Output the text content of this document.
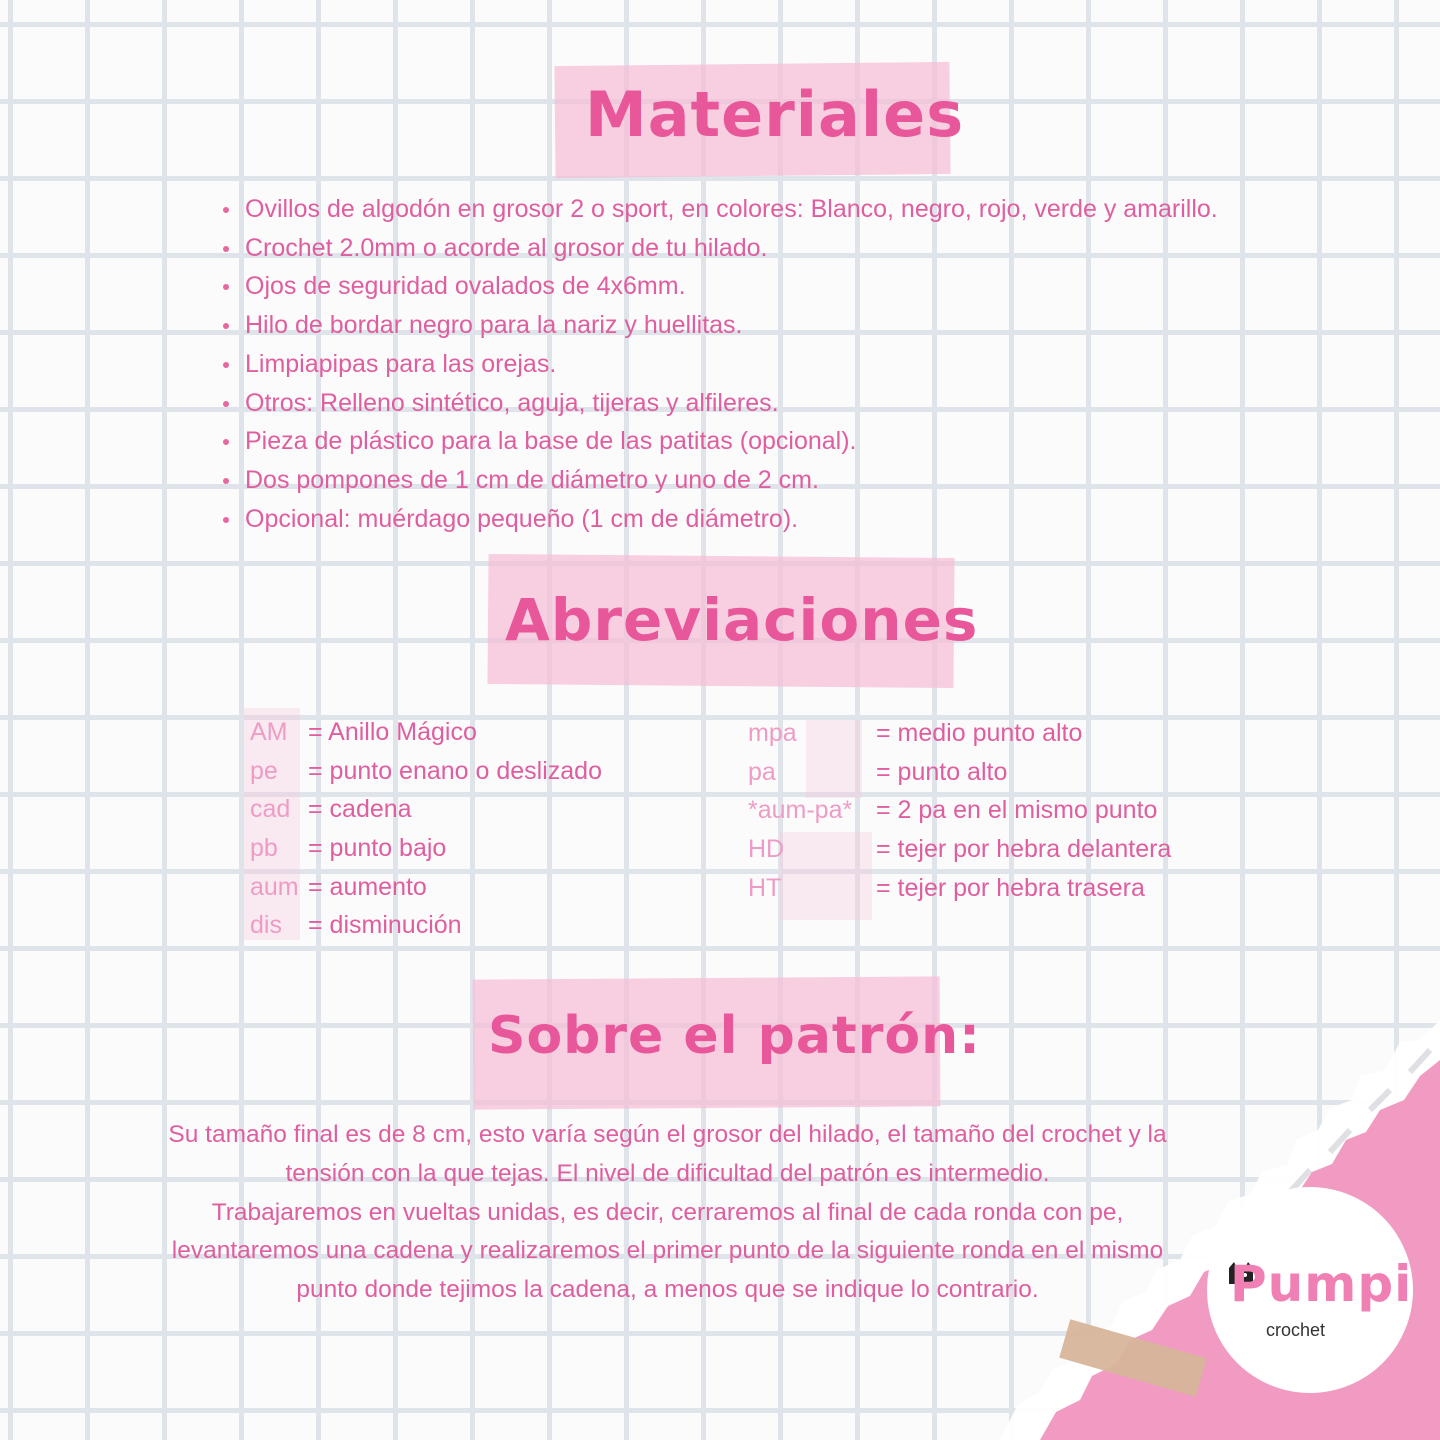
Materiales
Ovillos de algodón en grosor 2 o sport, en colores: Blanco, negro, rojo, verde y amarillo.
Crochet 2.0mm o acorde al grosor de tu hilado.
Ojos de seguridad ovalados de 4x6mm.
Hilo de bordar negro para la nariz y huellitas.
Limpiapipas para las orejas.
Otros: Relleno sintético, aguja, tijeras y alfileres.
Pieza de plástico para la base de las patitas (opcional).
Dos pompones de 1 cm de diámetro y uno de 2 cm.
Opcional: muérdago pequeño (1 cm de diámetro).
Abreviaciones
AM = Anillo Mágico
pe = punto enano o deslizado
cad = cadena
pb = punto bajo
aum = aumento
dis = disminución
mpa	= medio punto alto
pa	= punto alto
*aum-pa* = 2 pa en el mismo punto
HD	= tejer por hebra delantera
HT	= tejer por hebra trasera
Sobre el patrón:

Su tamaño final es de 8 cm, esto varía según el grosor del hilado, el tamaño del crochet y la
tensión con la que tejas. El nivel de dificultad del patrón es intermedio.
Trabajaremos en vueltas unidas, es decir, cerraremos al final de cada ronda con pe,
levantaremos una cadena y realizaremos el primer punto de la siguiente ronda en el mismo
punto donde tejimos la cadena, a menos que se indique lo contrario.	Pumpi
crochet
